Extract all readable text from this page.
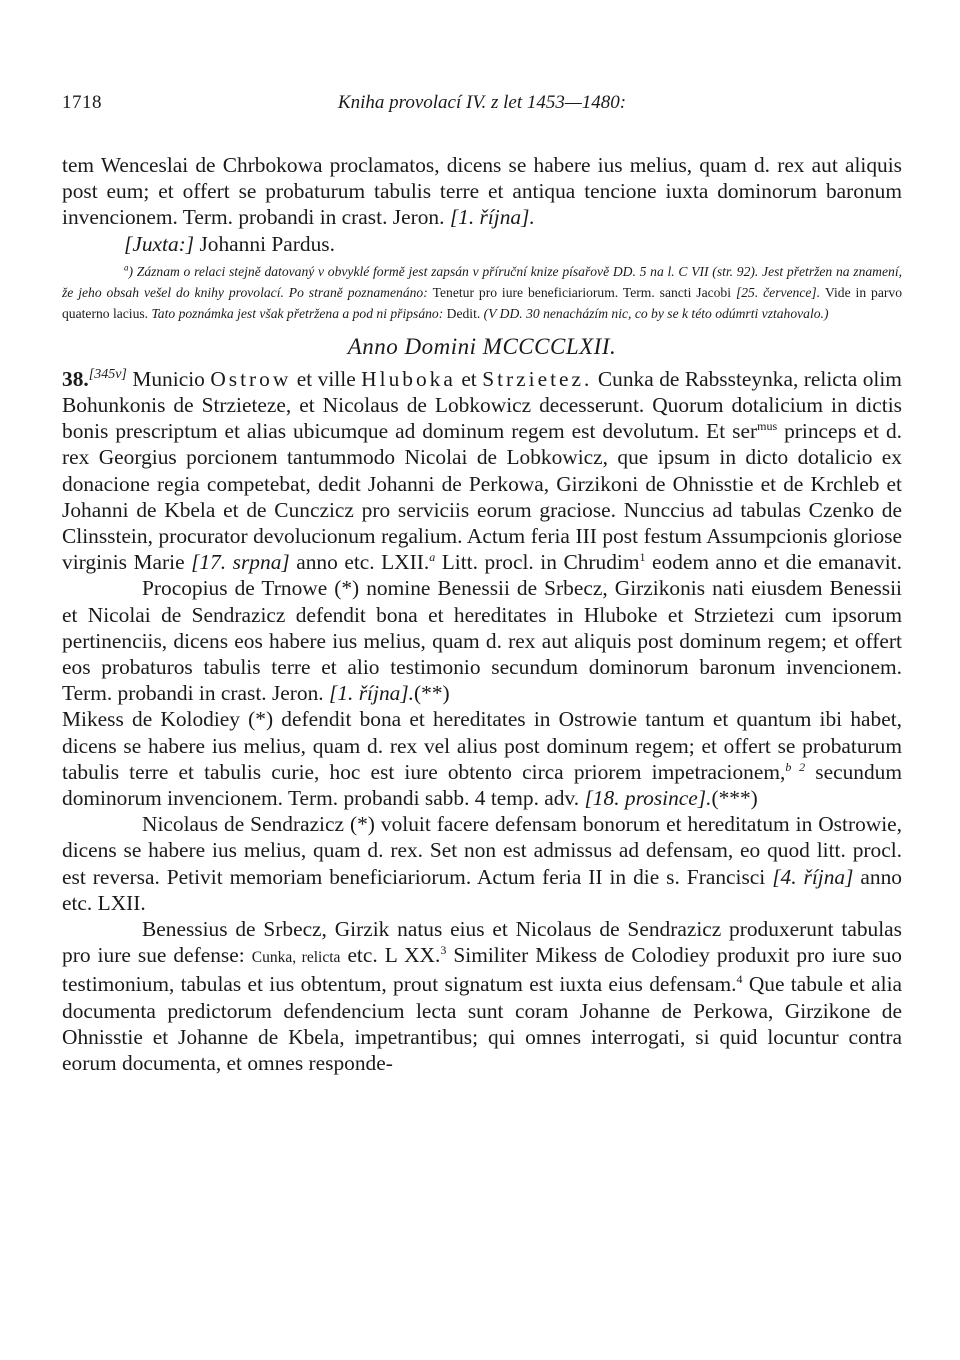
1718	Kniha provolací IV. z let 1453—1480:

tem Wenceslai de Chrbokowa proclamatos, dicens se habere ius melius, quam d. rex aut aliquis post eum; et offert se probaturum tabulis terre et antiqua tencione iuxta dominorum baronum invencionem. Term. probandi in crast. Jeron. [1. října].

[Juxta:] Johanni Pardus.

$^a$) Záznam o relaci stejně datovaný v obvyklé formě jest zapsán v příruční knize písařově DD. 5 na l. C VII (str. 92). Jest přetržen na znamení, že jeho obsah vešel do knihy provolací. Po straně poznamenáno: Tenetur pro iure beneficiariorum. Term. sancti Jacobi [25. července]. Vide in parvo quaterno lacius. Tato poznámka jest však přetržena a pod ni připsáno: Dedit. (V DD. 30 nenacházím nic, co by se k této odúmrti vztahovalo.)
Anno Domini MCCCCLXII.

38.[345v] Municio Ostrow et ville Hluboka et Strzietez. Cunka de Rabssteynka, relicta olim Bohunkonis de Strzieteze, et Nicolaus de Lobkowicz decesserunt. Quorum dotalicium in dictis bonis prescriptum et alias ubicumque ad dominum regem est devolutum. Et ser$^{mus}$ princeps et d. rex Georgius porcionem tantummodo Nicolai de Lobkowicz, que ipsum in dicto dotalicio ex donacione regia competebat, dedit Johanni de Perkowa, Girzikoni de Ohnisstie et de Krchleb et Johanni de Kbela et de Cunczicz pro serviciis eorum graciose. Nunccius ad tabulas Czenko de Clinsstein, procurator devolucionum regalium. Actum feria III post festum Assumpcionis gloriose virginis Marie [17. srpna] anno etc. LXII.$^a$ Litt. procl. in Chrudim$^1$ eodem anno et die emanavit. Procopius de Trnowe (*) nomine Benessii de Srbecz, Girzikonis nati eiusdem Benessii et Nicolai de Sendrazicz defendit bona et hereditates in Hluboke et Strzietezi cum ipsorum pertinenciis, dicens eos habere ius melius, quam d. rex aut aliquis post dominum regem; et offert eos probaturos tabulis terre et alio testimonio secundum dominorum baronum invencionem. Term. probandi in crast. Jeron. [1. října].(**)

Mikess de Kolodiey (*) defendit bona et hereditates in Ostrowie tantum et quantum ibi habet, dicens se habere ius melius, quam d. rex vel alius post dominum regem; et offert se probaturum tabulis terre et tabulis curie, hoc est iure obtento circa priorem impetracionem,$^{b 2}$ secundum dominorum invencionem. Term. probandi sabb. 4 temp. adv. [18. prosince].(***)

Nicolaus de Sendrazicz (*) voluit facere defensam bonorum et hereditatum in Ostrowie, dicens se habere ius melius, quam d. rex. Set non est admissus ad defensam, eo quod litt. procl. est reversa. Petivit memoriam beneficiariorum. Actum feria II in die s. Francisci [4. října] anno etc. LXII.

Benessius de Srbecz, Girzik natus eius et Nicolaus de Sendrazicz produxerunt tabulas pro iure sue defense: Cunka, relicta etc. L XX.$^3$ Similiter Mikess de Colodiey produxit pro iure suo testimonium, tabulas et ius obtentum, prout signatum est iuxta eius defensam.$^4$ Que tabule et alia documenta predictorum defendencium lecta sunt coram Johanne de Perkowa, Girzikone de Ohnisstie et Johanne de Kbela, impetrantibus; qui omnes interrogati, si quid locuntur contra eorum documenta, et omnes responde-
